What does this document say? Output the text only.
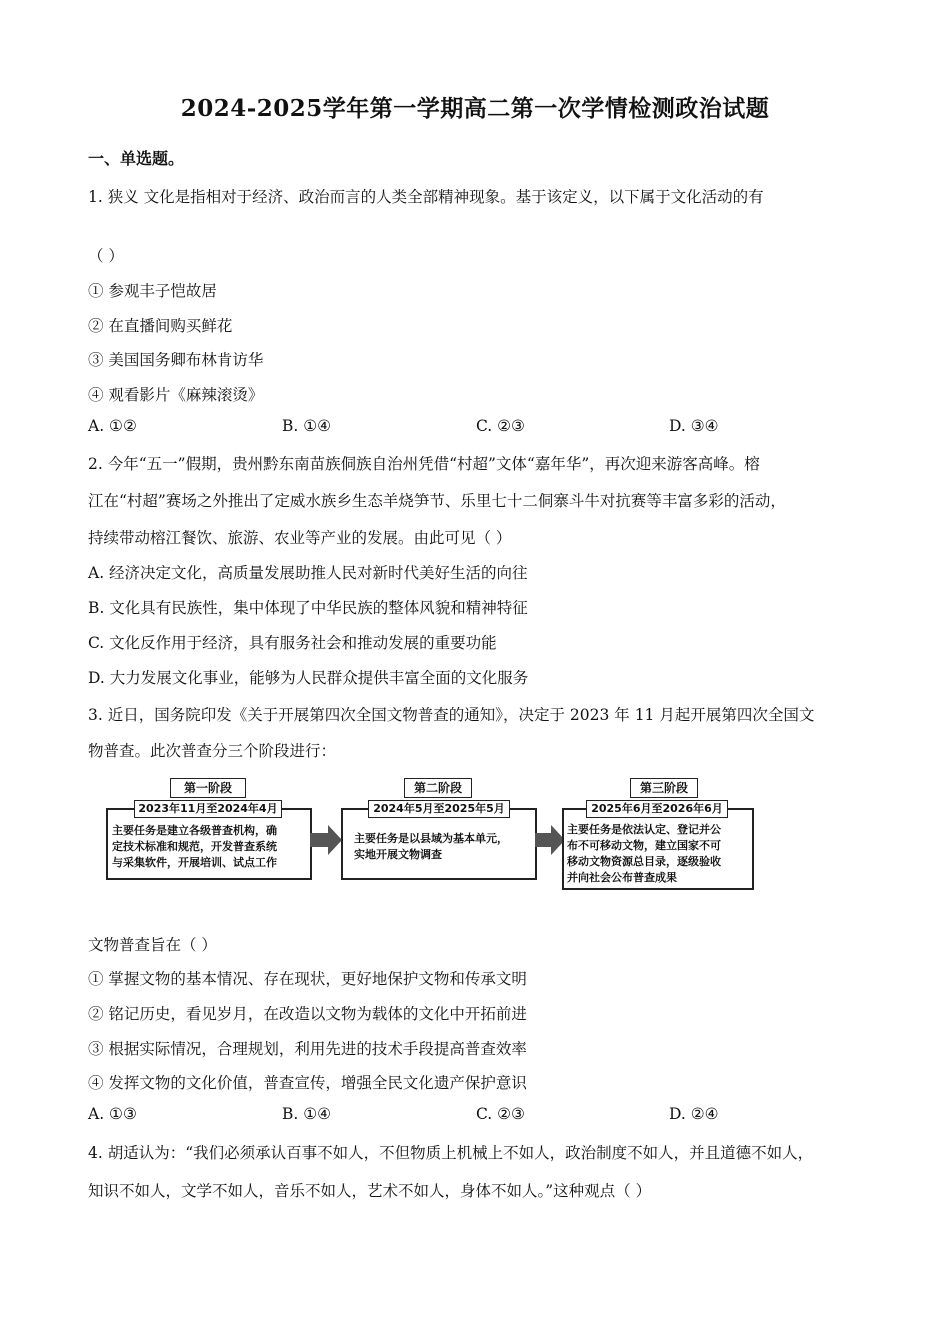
2024-2025学年第一学期高二第一次学情检测政治试题
一、单选题。
1. 狭义 文化是指相对于经济、政治而言的人类全部精神现象。基于该定义，以下属于文化活动的有
（ ）
① 参观丰子恺故居
② 在直播间购买鲜花
③ 美国国务卿布林肯访华
④ 观看影片《麻辣滚烫》
A. ①②	B. ①④	C. ②③	D. ③④
2. 今年“五一”假期，贵州黔东南苗族侗族自治州凭借“村超”文体“嘉年华”，再次迎来游客高峰。榕
江在“村超”赛场之外推出了定威水族乡生态羊烧笋节、乐里七十二侗寨斗牛对抗赛等丰富多彩的活动，
持续带动榕江餐饮、旅游、农业等产业的发展。由此可见（ ）
A. 经济决定文化，高质量发展助推人民对新时代美好生活的向往
B. 文化具有民族性，集中体现了中华民族的整体风貌和精神特征
C. 文化反作用于经济，具有服务社会和推动发展的重要功能
D. 大力发展文化事业，能够为人民群众提供丰富全面的文化服务
3. 近日，国务院印发《关于开展第四次全国文物普查的通知》，决定于 2023 年 11 月起开展第四次全国文
物普查。此次普查分三个阶段进行：
第一阶段
2023年11月至2024年4月
主要任务是建立各级普查机构，确
定技术标准和规范，开发普查系统
与采集软件，开展培训、试点工作
第二阶段
2024年5月至2025年5月
主要任务是以县域为基本单元，
实地开展文物调查
第三阶段
2025年6月至2026年6月
主要任务是依法认定、登记并公
布不可移动文物，建立国家不可
移动文物资源总目录，逐级验收
并向社会公布普查成果
文物普查旨在（ ）
① 掌握文物的基本情况、存在现状，更好地保护文物和传承文明
② 铭记历史，看见岁月，在改造以文物为载体的文化中开拓前进
③ 根据实际情况，合理规划，利用先进的技术手段提高普查效率
④ 发挥文物的文化价值，普查宣传，增强全民文化遗产保护意识
A. ①③	B. ①④	C. ②③	D. ②④
4. 胡适认为：“我们必须承认百事不如人，不但物质上机械上不如人，政治制度不如人，并且道德不如人，
知识不如人，文学不如人，音乐不如人，艺术不如人，身体不如人。”这种观点（ ）
